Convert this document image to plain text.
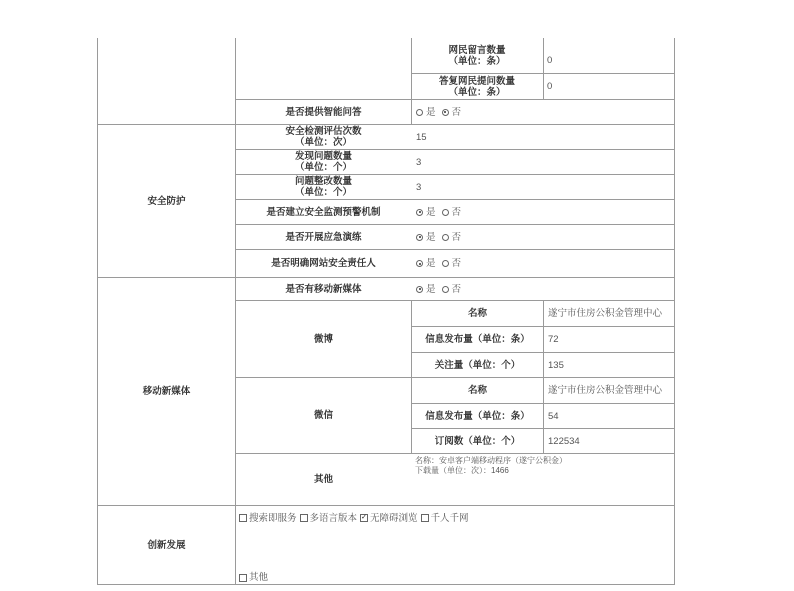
网民留言数量
（单位：条）	0
答复网民提问数量
（单位：条）	0
是否提供智能问答	是 否
安全防护
安全检测评估次数
（单位：次）	15
发现问题数量
（单位：个）	3
问题整改数量
（单位：个）	3
是否建立安全监测预警机制	是 否
是否开展应急演练	是 否
是否明确网站安全责任人	是 否
移动新媒体
是否有移动新媒体	是 否
微博
名称	遂宁市住房公积金管理中心
信息发布量（单位：条）	72
关注量（单位：个）	135
微信
名称	遂宁市住房公积金管理中心
信息发布量（单位：条）	54
订阅数（单位：个）	122534
其他
名称：安卓客户端移动程序（遂宁公积金）
下载量（单位：次）：1466
创新发展
搜索即服务 多语言版本 ✓ 无障碍浏览 千人千网
其他
